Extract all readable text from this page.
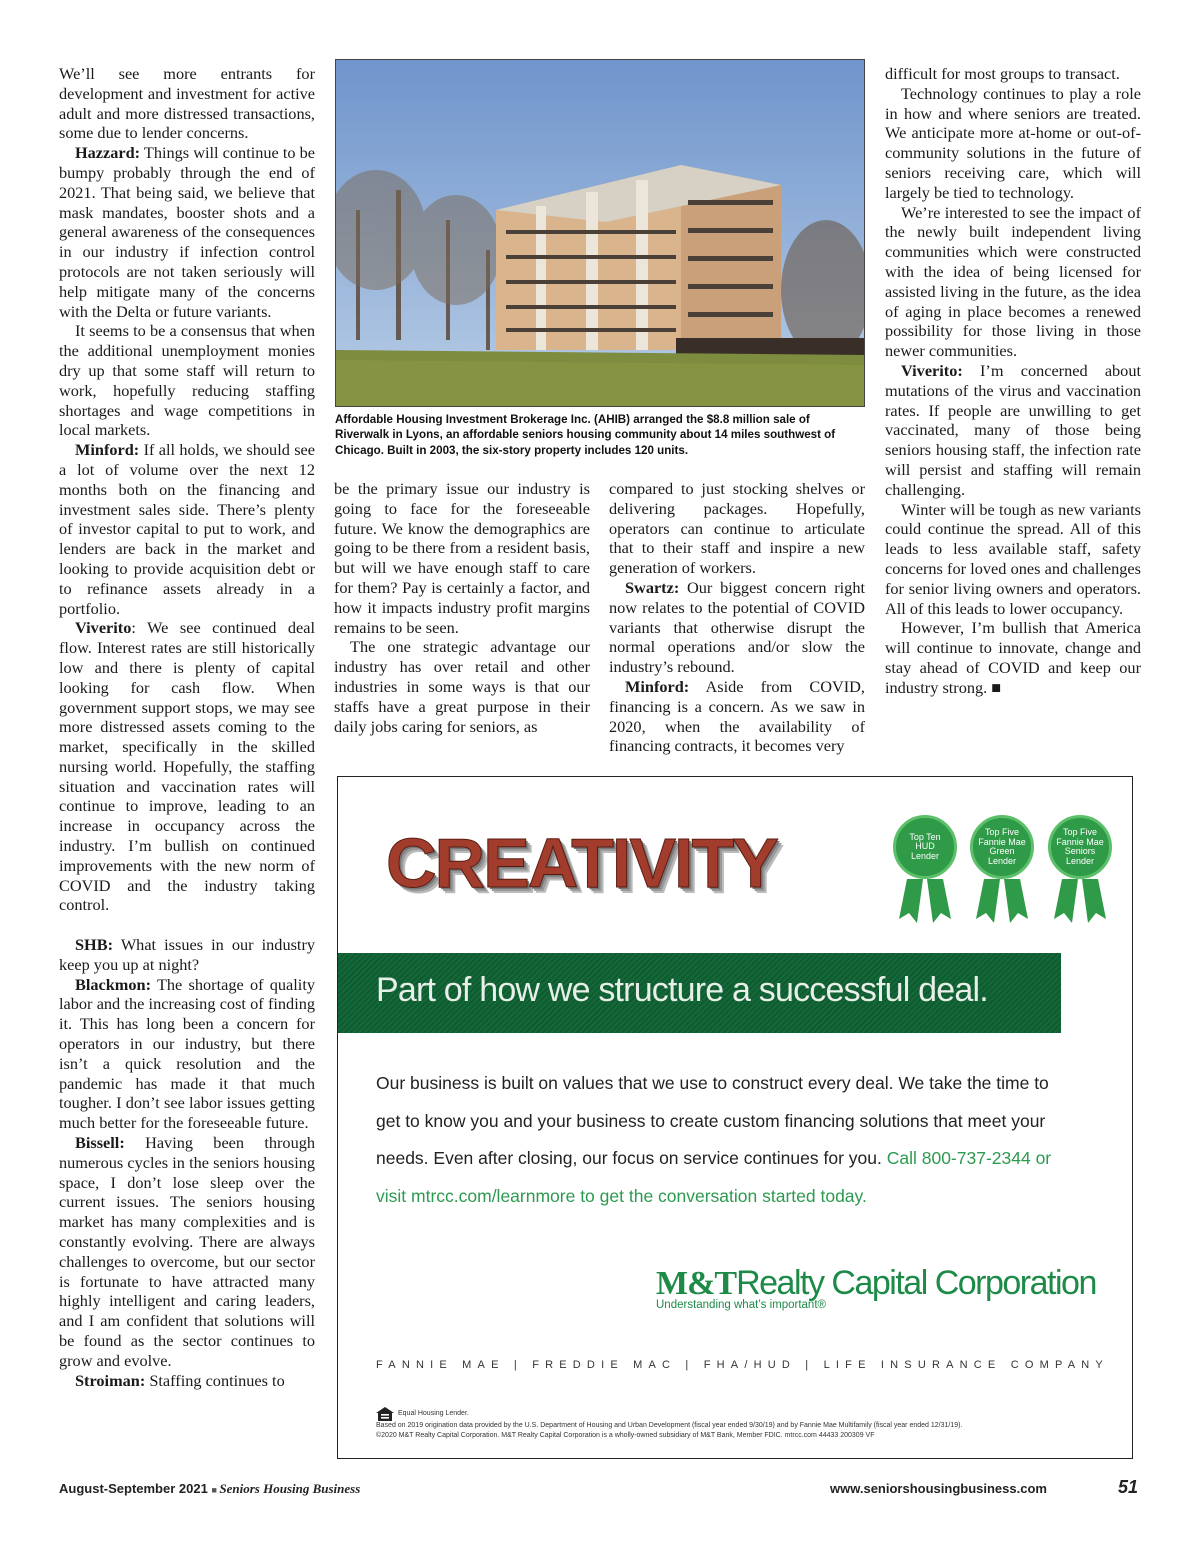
We’ll see more entrants for development and investment for active adult and more distressed transactions, some due to lender concerns.

Hazzard: Things will continue to be bumpy probably through the end of 2021. That being said, we believe that mask mandates, booster shots and a general awareness of the consequences in our industry if infection control protocols are not taken seriously will help mitigate many of the concerns with the Delta or future variants.

It seems to be a consensus that when the additional unemployment monies dry up that some staff will return to work, hopefully reducing staffing shortages and wage competitions in local markets.

Minford: If all holds, we should see a lot of volume over the next 12 months both on the financing and investment sales side. There’s plenty of investor capital to put to work, and lenders are back in the market and looking to provide acquisition debt or to refinance assets already in a portfolio.

Viverito: We see continued deal flow. Interest rates are still historically low and there is plenty of capital looking for cash flow. When government support stops, we may see more distressed assets coming to the market, specifically in the skilled nursing world. Hopefully, the staffing situation and vaccination rates will continue to improve, leading to an increase in occupancy across the industry. I’m bullish on continued improvements with the new norm of COVID and the industry taking control.

SHB: What issues in our industry keep you up at night?

Blackmon: The shortage of quality labor and the increasing cost of finding it. This has long been a concern for operators in our industry, but there isn’t a quick resolution and the pandemic has made it that much tougher. I don’t see labor issues getting much better for the foreseeable future.

Bissell: Having been through numerous cycles in the seniors housing space, I don’t lose sleep over the current issues. The seniors housing market has many complexities and is constantly evolving. There are always challenges to overcome, but our sector is fortunate to have attracted many highly intelligent and caring leaders, and I am confident that solutions will be found as the sector continues to grow and evolve.

Stroiman: Staffing continues to

Affordable Housing Investment Brokerage Inc. (AHIB) arranged the $8.8 million sale of Riverwalk in Lyons, an affordable seniors housing community about 14 miles southwest of Chicago. Built in 2003, the six-story property includes 120 units.

be the primary issue our industry is going to face for the foreseeable future. We know the demographics are going to be there from a resident basis, but will we have enough staff to care for them? Pay is certainly a factor, and how it impacts industry profit margins remains to be seen.

The one strategic advantage our industry has over retail and other industries in some ways is that our staffs have a great purpose in their daily jobs caring for seniors, as

compared to just stocking shelves or delivering packages. Hopefully, operators can continue to articulate that to their staff and inspire a new generation of workers.

Swartz: Our biggest concern right now relates to the potential of COVID variants that otherwise disrupt the normal operations and/or slow the industry’s rebound.

Minford: Aside from COVID, financing is a concern. As we saw in 2020, when the availability of financing contracts, it becomes very

difficult for most groups to transact.

Technology continues to play a role in how and where seniors are treated. We anticipate more at-home or out-of-community solutions in the future of seniors receiving care, which will largely be tied to technology.

We’re interested to see the impact of the newly built independent living communities which were constructed with the idea of being licensed for assisted living in the future, as the idea of aging in place becomes a renewed possibility for those living in those newer communities.

Viverito: I’m concerned about mutations of the virus and vaccination rates. If people are unwilling to get vaccinated, many of those being seniors housing staff, the infection rate will persist and staffing will remain challenging.

Winter will be tough as new variants could continue the spread. All of this leads to less available staff, safety concerns for loved ones and challenges for senior living owners and operators. All of this leads to lower occupancy.

However, I’m bullish that America will continue to innovate, change and stay ahead of COVID and keep our industry strong. ■

CREATIVITY	Top Ten HUD Lender
Top Five Fannie Mae Green Lender
Top Five Fannie Mae Seniors Lender
Part of how we structure a successful deal.
Our business is built on values that we use to construct every deal. We take the time to get to know you and your business to create custom financing solutions that meet your needs. Even after closing, our focus on service continues for you. Call 800-737-2344 or visit mtrcc.com/learnmore to get the conversation started today.
M&TRealty Capital Corporation
Understanding what’s important®
FANNIE MAE | FREDDIE MAC | FHA/HUD | LIFE INSURANCE COMPANY
Equal Housing Lender.
Based on 2019 origination data provided by the U.S. Department of Housing and Urban Development (fiscal year ended 9/30/19) and by Fannie Mae Multifamily (fiscal year ended 12/31/19).
©2020 M&T Realty Capital Corporation. M&T Realty Capital Corporation is a wholly-owned subsidiary of M&T Bank, Member FDIC. mtrcc.com 44433 200309 VF
August-September 2021 ■ Seniors Housing Business	www.seniorshousingbusiness.com	51
